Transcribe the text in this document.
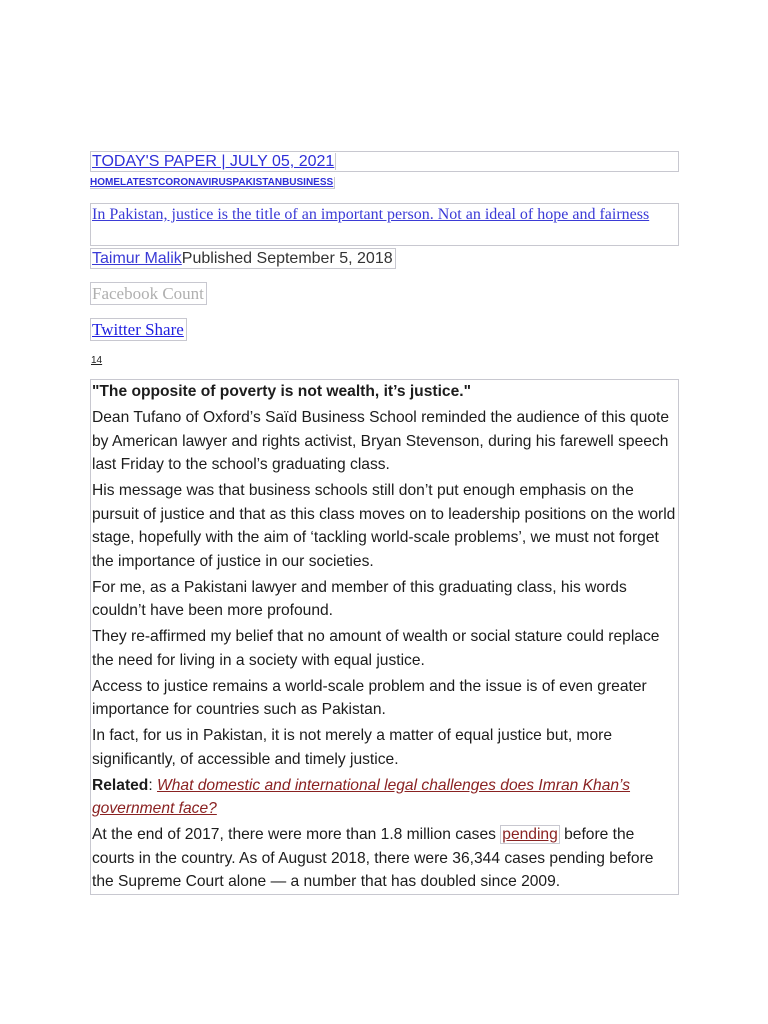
TODAY'S PAPER | JULY 05, 2021
HOMELATESTCORONAVIRUSPAKISTANBUSINESS
In Pakistan, justice is the title of an important person. Not an ideal of hope and fairness
Taimur MalikPublished September 5, 2018
Facebook Count
Twitter Share
14

"The opposite of poverty is not wealth, it’s justice."

Dean Tufano of Oxford’s Saïd Business School reminded the audience of this quote by American lawyer and rights activist, Bryan Stevenson, during his farewell speech last Friday to the school’s graduating class.

His message was that business schools still don’t put enough emphasis on the pursuit of justice and that as this class moves on to leadership positions on the world stage, hopefully with the aim of ‘tackling world-scale problems’, we must not forget the importance of justice in our societies.

For me, as a Pakistani lawyer and member of this graduating class, his words couldn’t have been more profound.

They re-affirmed my belief that no amount of wealth or social stature could replace the need for living in a society with equal justice.

Access to justice remains a world-scale problem and the issue is of even greater importance for countries such as Pakistan.

In fact, for us in Pakistan, it is not merely a matter of equal justice but, more significantly, of accessible and timely justice.

Related: What domestic and international legal challenges does Imran Khan’s government face?

At the end of 2017, there were more than 1.8 million cases pending before the courts in the country. As of August 2018, there were 36,344 cases pending before the Supreme Court alone — a number that has doubled since 2009.
